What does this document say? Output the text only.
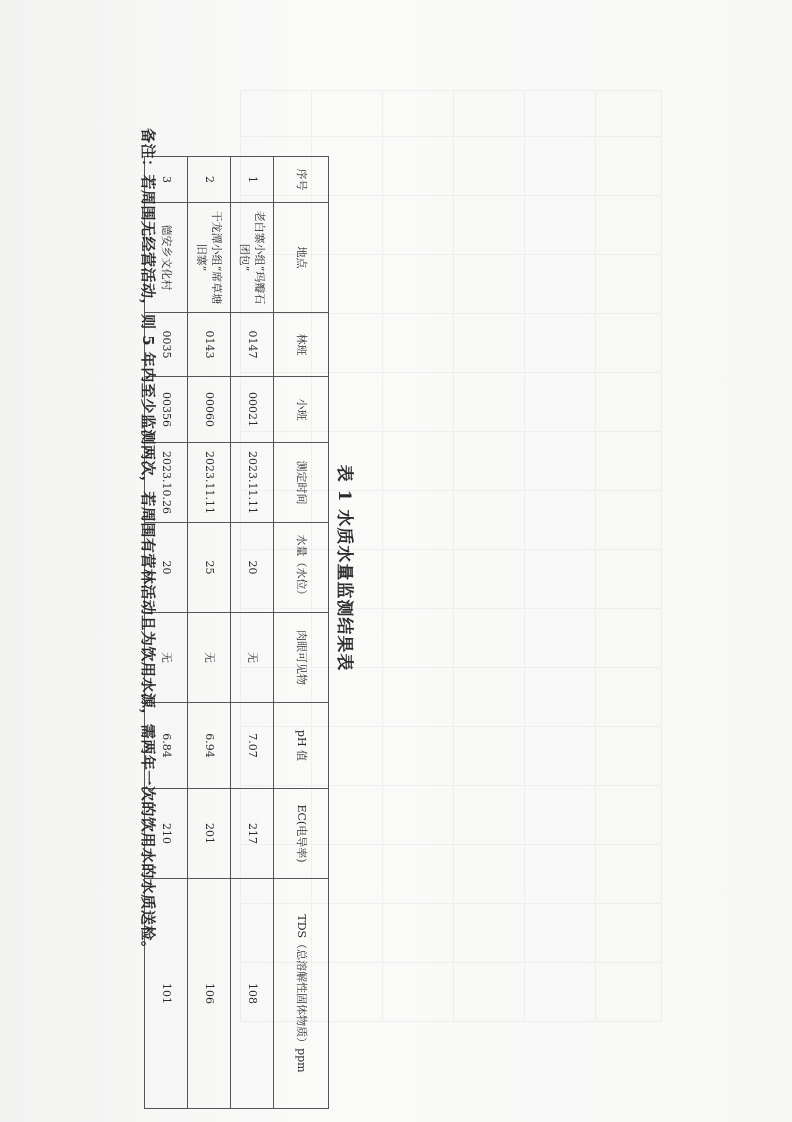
表 1 水质水量监测结果表
序号	地点	林班	小班	测定时间	水量（水位）	肉眼可见物	pH 值	EC(电导率)	TDS（总溶解性固体物质）ppm
1	老白寨小组“玛瓣石团包”	0147	00021	2023.11.11	20	无	7.07	217	108
2	干龙潭小组“席草塘旧寨”	0143	00060	2023.11.11	25	无	6.94	201	106
3	德安乡文化村	0035	00356	2023.10.26	20	无	6.84	210	101
备注：若周围无经营活动，则 5 年内至少监测两次，若周围有营林活动且为饮用水源，需两年一次的饮用水的水质送检。
